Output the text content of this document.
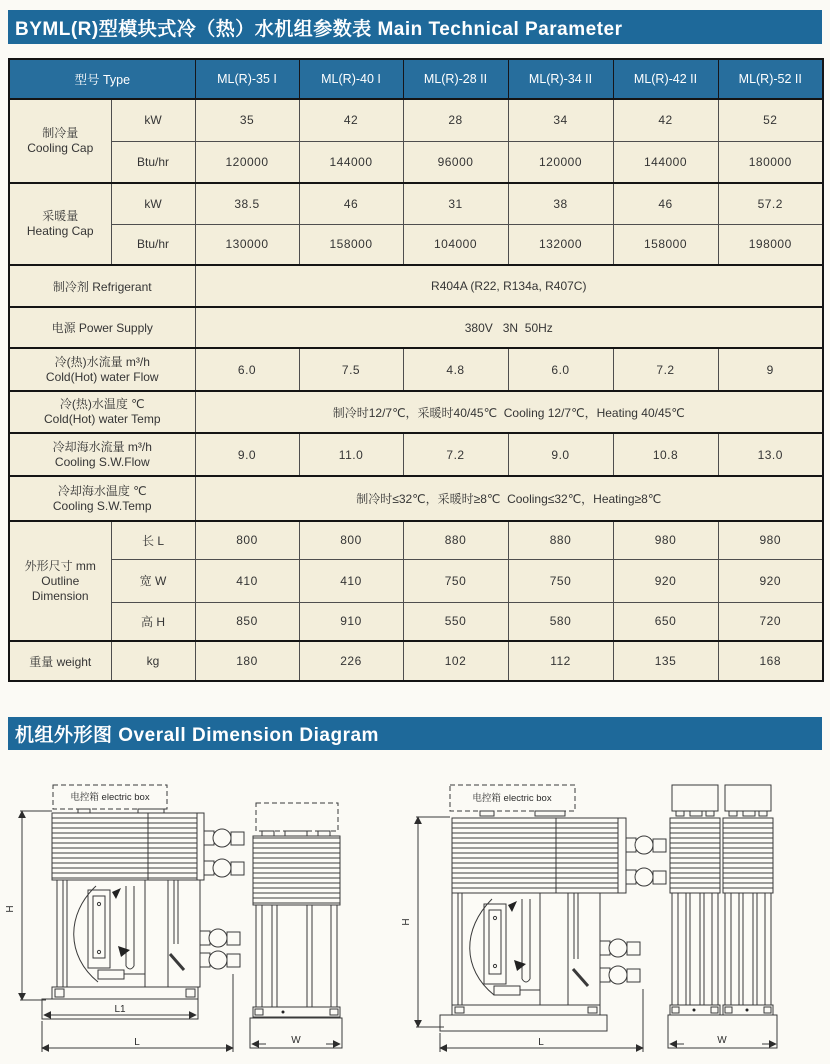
BYML(R)型模块式冷（热）水机组参数表 Main Technical Parameter
型号 Type		ML(R)-35 I	ML(R)-40 I	ML(R)-28 II	ML(R)-34 II	ML(R)-42 II	ML(R)-52 II

制冷量
Cooling Cap	kW	35	42	28	34	42	52
	Btu/hr	120000	144000	96000	120000	144000	180000

采暖量
Heating Cap	kW	38.5	46	31	38	46	57.2
	Btu/hr	130000	158000	104000	132000	158000	198000
制冷剂 Refrigerant		R404A (R22, R134a, R407C)					
电源 Power Supply		380V   3N  50Hz					

冷(热)水流量 m³/h
Cold(Hot) water Flow		6.0	7.5	4.8	6.0	7.2	9

冷(热)水温度 ℃
Cold(Hot) water Temp		制冷时12/7℃，采暖时40/45℃  Cooling 12/7℃，Heating 40/45℃					

冷却海水流量 m³/h
Cooling S.W.Flow		9.0	11.0	7.2	9.0	10.8	13.0

冷却海水温度 ℃
Cooling S.W.Temp		制冷时≤32℃，采暖时≥8℃  Cooling≤32℃，Heating≥8℃					

外形尺寸 mm
Outline Dimension	长 L	800	800	880	880	980	980
	宽 W	410	410	750	750	920	920
	高 H	850	910	550	580	650	720
重量 weight	kg	180	226	102	112	135	168
机组外形图 Overall Dimension Diagram
H
L1
L
电控箱 electric box
W
H
L
电控箱 electric box
W
